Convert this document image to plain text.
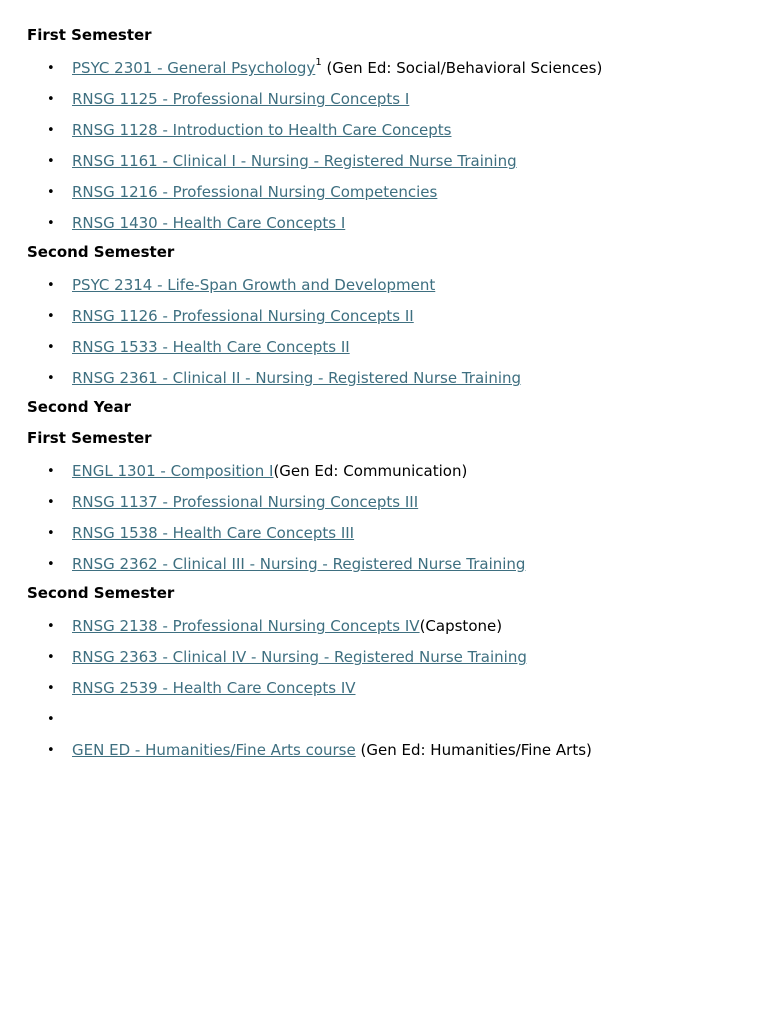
First Semester
• PSYC 2301 - General Psychology$^1$ (Gen Ed: Social/Behavioral Sciences)
• RNSG 1125 - Professional Nursing Concepts I
• RNSG 1128 - Introduction to Health Care Concepts
• RNSG 1161 - Clinical I - Nursing - Registered Nurse Training
• RNSG 1216 - Professional Nursing Competencies
• RNSG 1430 - Health Care Concepts I
Second Semester
• PSYC 2314 - Life-Span Growth and Development
• RNSG 1126 - Professional Nursing Concepts II
• RNSG 1533 - Health Care Concepts II
• RNSG 2361 - Clinical II - Nursing - Registered Nurse Training
Second Year
First Semester
• ENGL 1301 - Composition I(Gen Ed: Communication)
• RNSG 1137 - Professional Nursing Concepts III
• RNSG 1538 - Health Care Concepts III
• RNSG 2362 - Clinical III - Nursing - Registered Nurse Training
Second Semester
• RNSG 2138 - Professional Nursing Concepts IV(Capstone)
• RNSG 2363 - Clinical IV - Nursing - Registered Nurse Training
• RNSG 2539 - Health Care Concepts IV
•
• GEN ED - Humanities/Fine Arts course (Gen Ed: Humanities/Fine Arts)
